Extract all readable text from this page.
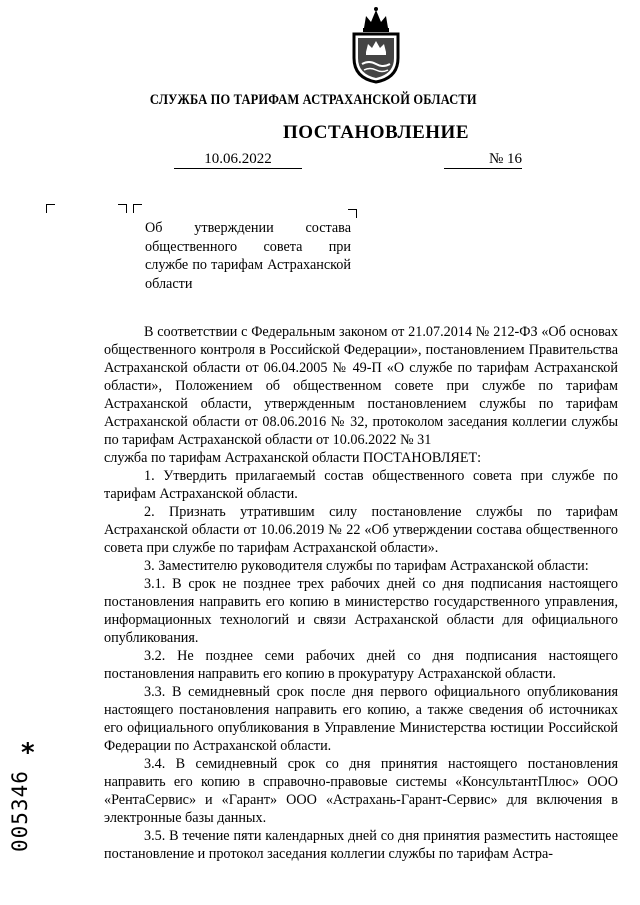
СЛУЖБА ПО ТАРИФАМ АСТРАХАНСКОЙ ОБЛАСТИ
ПОСТАНОВЛЕНИЕ
10.06.2022	№ 16
Об утверждении состава общественного совета при службе по тарифам Астраханской области

В соответствии с Федеральным законом от 21.07.2014 № 212-ФЗ «Об основах общественного контроля в Российской Федерации», постановлением Правительства Астраханской области от 06.04.2005 № 49-П «О службе по тарифам Астраханской области», Положением об общественном совете при службе по тарифам Астраханской области, утвержденным постановлением службы по тарифам Астраханской области от 08.06.2016 № 32, протоколом заседания коллегии службы по тарифам Астраханской области от 10.06.2022 № 31

служба по тарифам Астраханской области ПОСТАНОВЛЯЕТ:

1. Утвердить прилагаемый состав общественного совета при службе по тарифам Астраханской области.

2. Признать утратившим силу постановление службы по тарифам Астраханской области от 10.06.2019 № 22 «Об утверждении состава общественного совета при службе по тарифам Астраханской области».

3. Заместителю руководителя службы по тарифам Астраханской области:

3.1. В срок не позднее трех рабочих дней со дня подписания настоящего постановления направить его копию в министерство государственного управления, информационных технологий и связи Астраханской области для официального опубликования.

3.2. Не позднее семи рабочих дней со дня подписания настоящего постановления направить его копию в прокуратуру Астраханской области.

3.3. В семидневный срок после дня первого официального опубликования настоящего постановления направить его копию, а также сведения об источниках его официального опубликования в Управление Министерства юстиции Российской Федерации по Астраханской области.

3.4. В семидневный срок со дня принятия настоящего постановления направить его копию в справочно-правовые системы «КонсультантПлюс» ООО «РентаСервис» и «Гарант» ООО «Астрахань-Гарант-Сервис» для включения в электронные базы данных.

3.5. В течение пяти календарных дней со дня принятия разместить настоящее постановление и протокол заседания коллегии службы по тарифам Астра-

*
005346
